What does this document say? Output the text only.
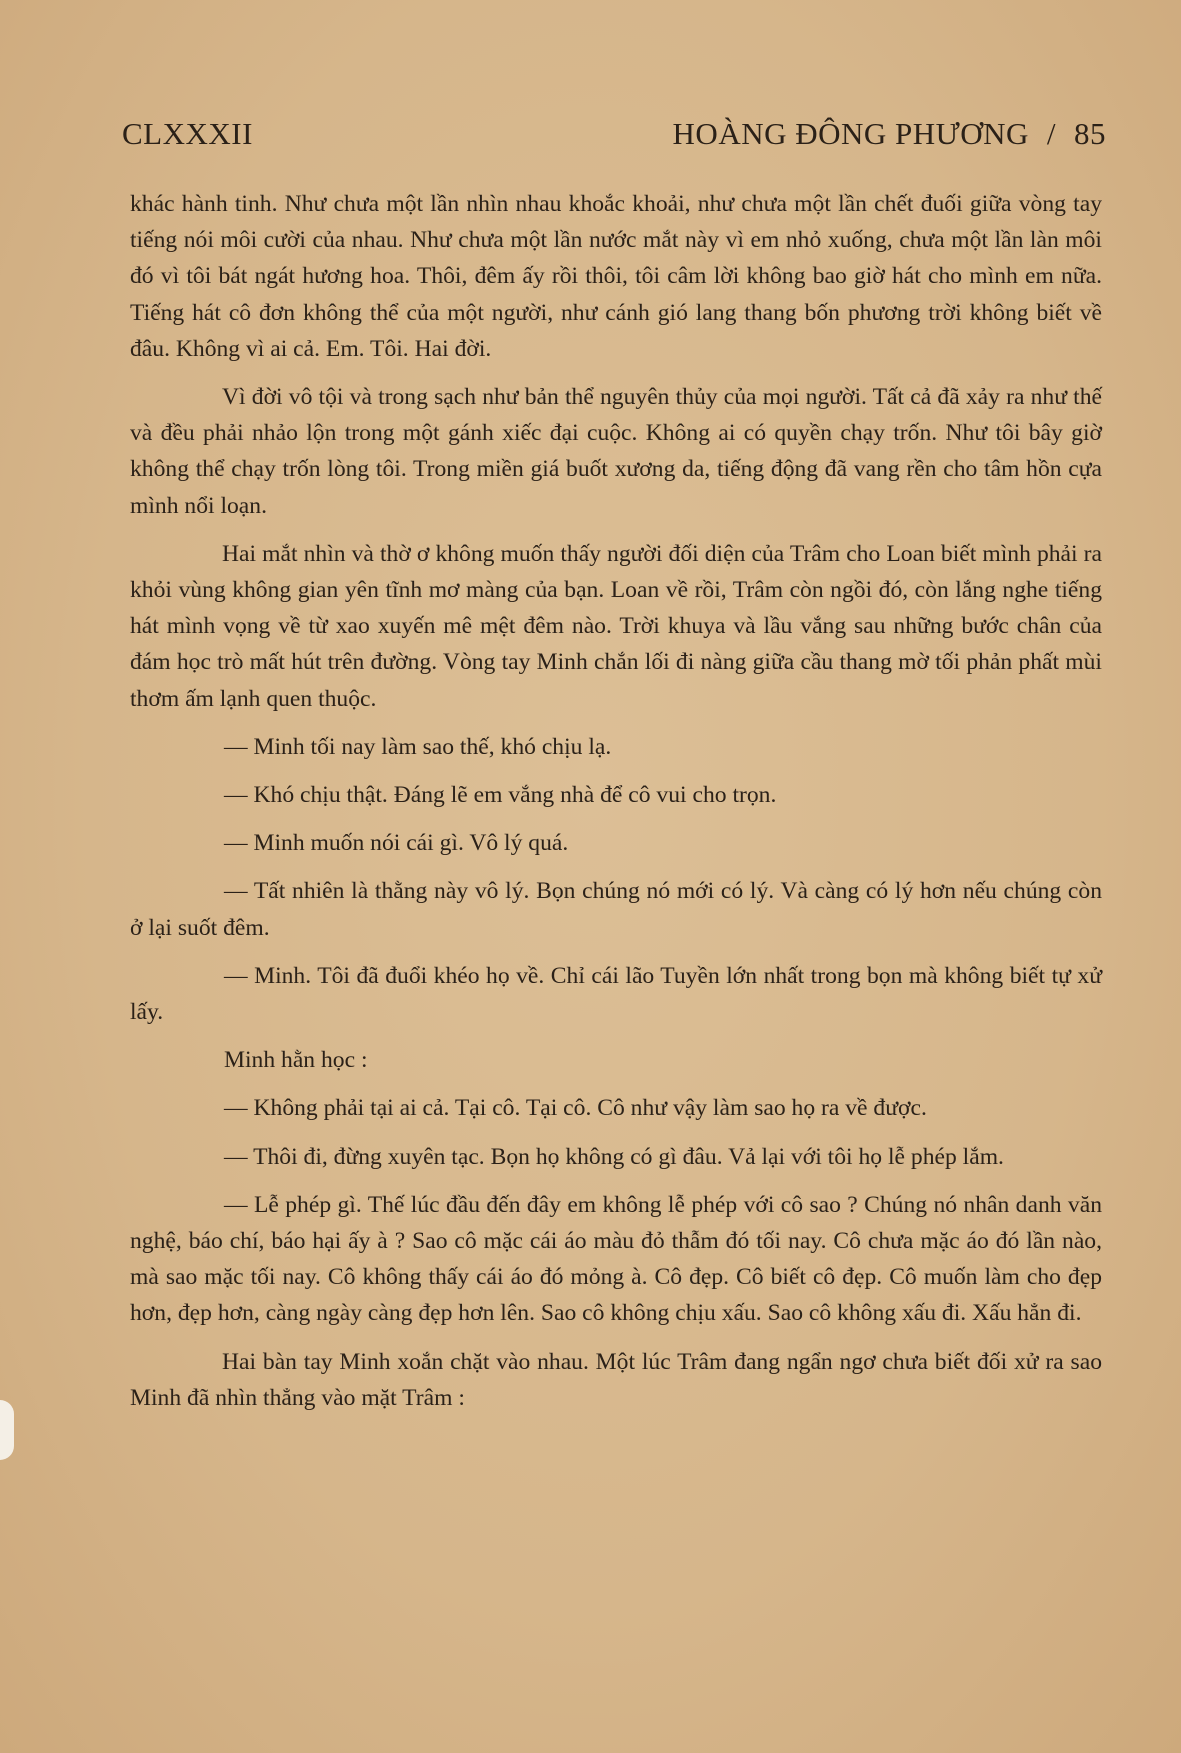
CLXXXII	HOÀNG ĐÔNG PHƯƠNG / 85

khác hành tinh. Như chưa một lần nhìn nhau khoắc khoải, như chưa một lần chết đuối giữa vòng tay tiếng nói môi cười của nhau. Như chưa một lần nước mắt này vì em nhỏ xuống, chưa một lần làn môi đó vì tôi bát ngát hương hoa. Thôi, đêm ấy rồi thôi, tôi câm lời không bao giờ hát cho mình em nữa. Tiếng hát cô đơn không thể của một người, như cánh gió lang thang bốn phương trời không biết về đâu. Không vì ai cả. Em. Tôi. Hai đời.

Vì đời vô tội và trong sạch như bản thể nguyên thủy của mọi người. Tất cả đã xảy ra như thế và đều phải nhảo lộn trong một gánh xiếc đại cuộc. Không ai có quyền chạy trốn. Như tôi bây giờ không thể chạy trốn lòng tôi. Trong miền giá buốt xương da, tiếng động đã vang rền cho tâm hồn cựa mình nổi loạn.

Hai mắt nhìn và thờ ơ không muốn thấy người đối diện của Trâm cho Loan biết mình phải ra khỏi vùng không gian yên tĩnh mơ màng của bạn. Loan về rồi, Trâm còn ngồi đó, còn lắng nghe tiếng hát mình vọng về từ xao xuyến mê mệt đêm nào. Trời khuya và lầu vắng sau những bước chân của đám học trò mất hút trên đường. Vòng tay Minh chắn lối đi nàng giữa cầu thang mờ tối phản phất mùi thơm ấm lạnh quen thuộc.

— Minh tối nay làm sao thế, khó chịu lạ.

— Khó chịu thật. Đáng lẽ em vắng nhà để cô vui cho trọn.

— Minh muốn nói cái gì. Vô lý quá.

— Tất nhiên là thằng này vô lý. Bọn chúng nó mới có lý. Và càng có lý hơn nếu chúng còn ở lại suốt đêm.

— Minh. Tôi đã đuổi khéo họ về. Chỉ cái lão Tuyền lớn nhất trong bọn mà không biết tự xử lấy.

Minh hằn học :

— Không phải tại ai cả. Tại cô. Tại cô. Cô như vậy làm sao họ ra về được.

— Thôi đi, đừng xuyên tạc. Bọn họ không có gì đâu. Vả lại với tôi họ lễ phép lắm.

— Lễ phép gì. Thế lúc đầu đến đây em không lễ phép với cô sao ? Chúng nó nhân danh văn nghệ, báo chí, báo hại ấy à ? Sao cô mặc cái áo màu đỏ thẫm đó tối nay. Cô chưa mặc áo đó lần nào, mà sao mặc tối nay. Cô không thấy cái áo đó mỏng à. Cô đẹp. Cô biết cô đẹp. Cô muốn làm cho đẹp hơn, đẹp hơn, càng ngày càng đẹp hơn lên. Sao cô không chịu xấu. Sao cô không xấu đi. Xấu hẳn đi.

Hai bàn tay Minh xoắn chặt vào nhau. Một lúc Trâm đang ngẩn ngơ chưa biết đối xử ra sao Minh đã nhìn thẳng vào mặt Trâm :
